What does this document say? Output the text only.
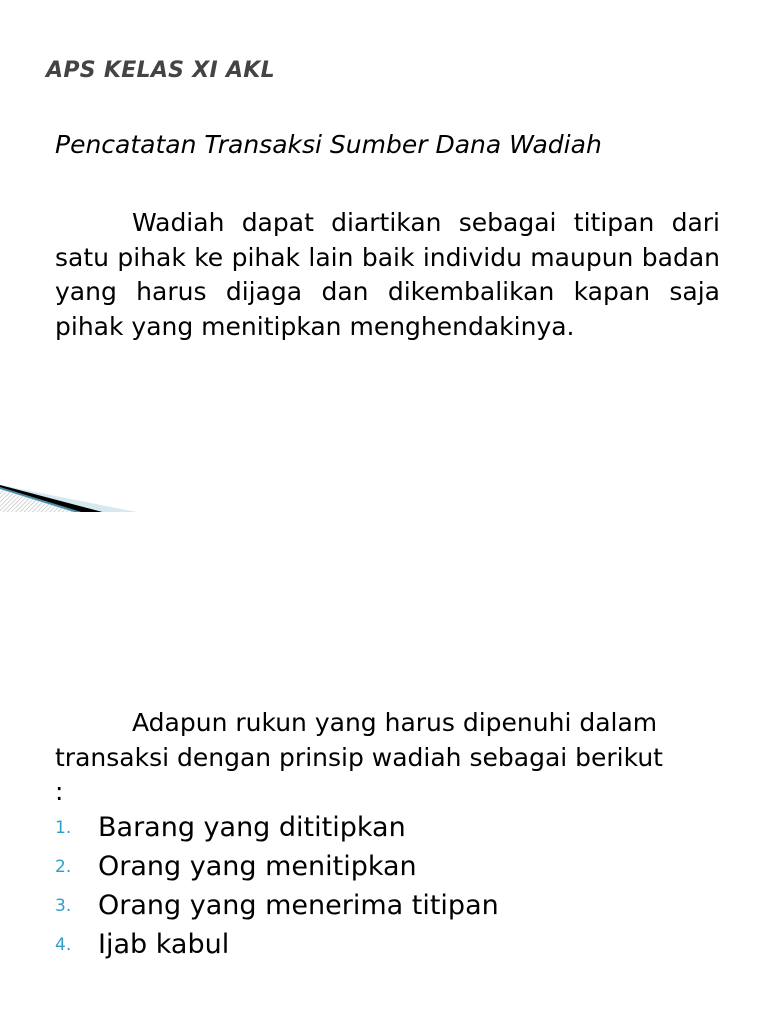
APS KELAS XI AKL

Pencatatan Transaksi Sumber Dana Wadiah

Wadiah dapat diartikan sebagai titipan dari satu pihak ke pihak lain baik individu maupun badan yang harus dijaga dan dikembalikan kapan saja pihak yang menitipkan menghendakinya.

Adapun rukun yang harus dipenuhi dalam transaksi dengan prinsip wadiah sebagai berikut :

1. Barang yang dititipkan
2. Orang yang menitipkan
3. Orang yang menerima titipan
4. Ijab kabul
